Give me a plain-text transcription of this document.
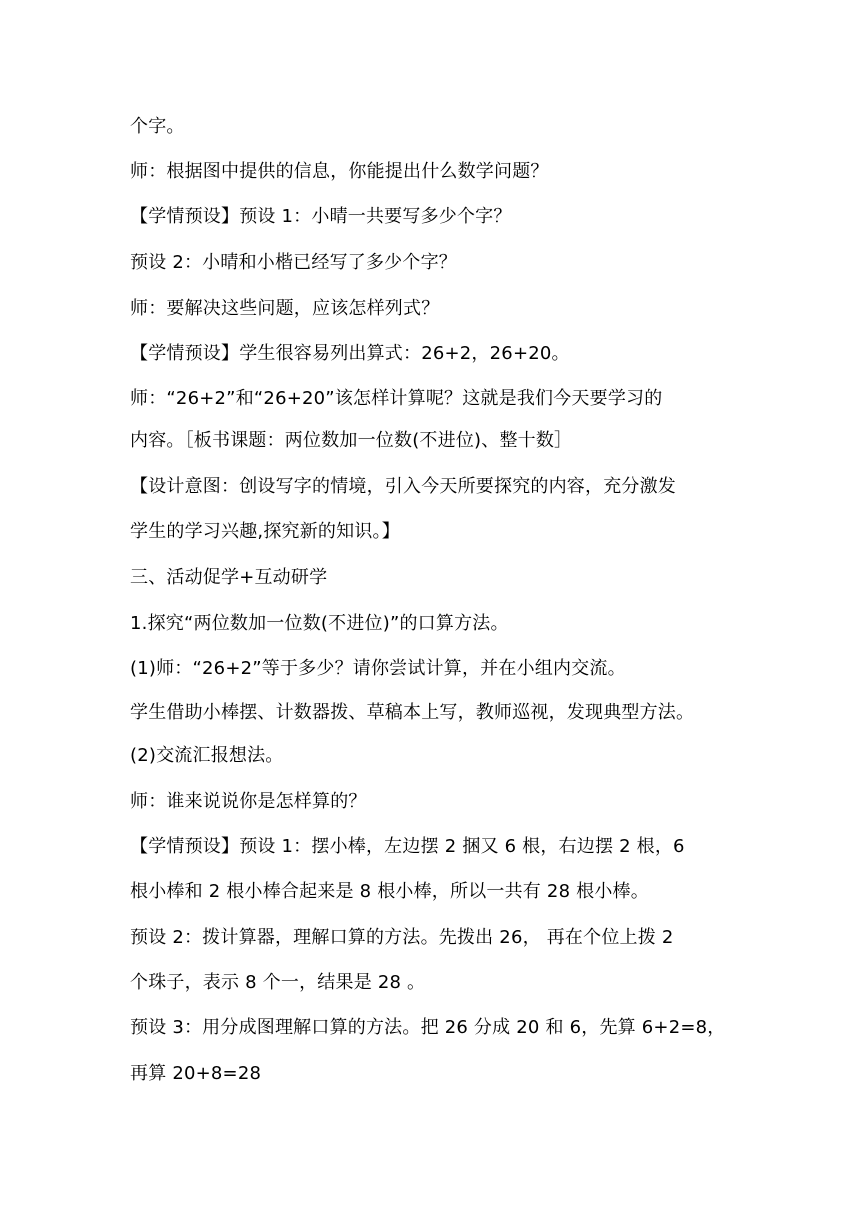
个字。
师：根据图中提供的信息，你能提出什么数学问题？
【学情预设】预设 1：小晴一共要写多少个字？
预设 2：小晴和小楷已经写了多少个字？
师：要解决这些问题，应该怎样列式？
【学情预设】学生很容易列出算式：26+2，26+20。
师：“26+2”和“26+20”该怎样计算呢？这就是我们今天要学习的
内容。［板书课题：两位数加一位数(不进位)、整十数］
【设计意图：创设写字的情境，引入今天所要探究的内容，充分激发
学生的学习兴趣,探究新的知识。】
三、活动促学+互动研学
1.探究“两位数加一位数(不进位)”的口算方法。
(1)师：“26+2”等于多少？请你尝试计算，并在小组内交流。
学生借助小棒摆、计数器拨、草稿本上写，教师巡视，发现典型方法。
(2)交流汇报想法。
师：谁来说说你是怎样算的？
【学情预设】预设 1：摆小棒，左边摆 2 捆又 6 根，右边摆 2 根，6
根小棒和 2 根小棒合起来是 8 根小棒，所以一共有 28 根小棒。
预设 2：拨计算器，理解口算的方法。先拨出 26， 再在个位上拨 2
个珠子，表示 8 个一，结果是 28 。
预设 3：用分成图理解口算的方法。把 26 分成 20 和 6，先算 6+2=8，
再算 20+8=28
